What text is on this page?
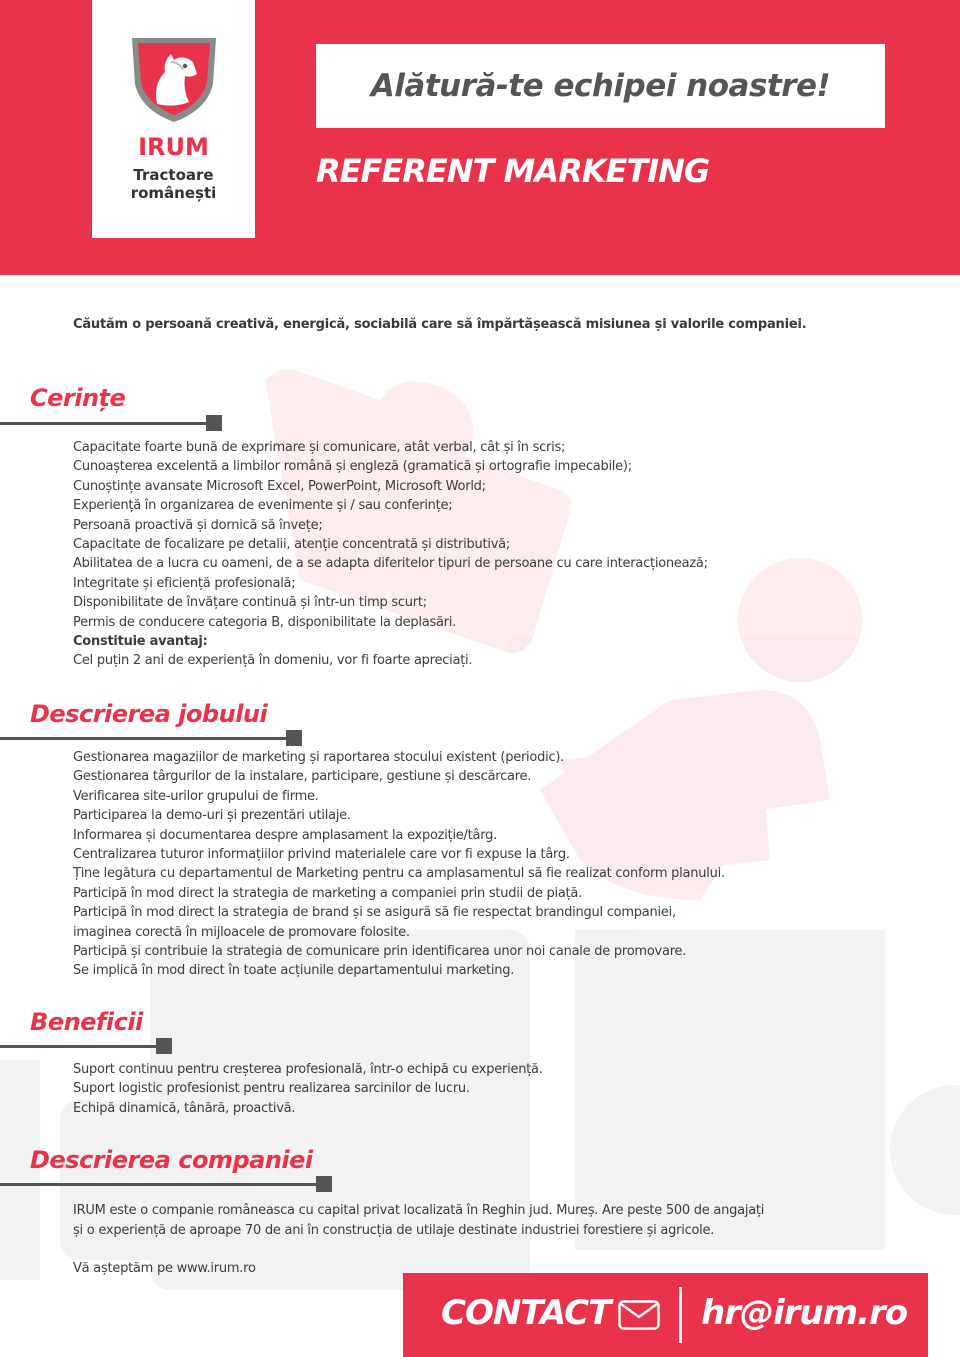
IRUM
Tractoare
românești
Alătură-te echipei noastre!
REFERENT MARKETING
Căutăm o persoană creativă, energică, sociabilă care să împărtășească misiunea și valorile companiei.
Cerințe
Capacitate foarte bună de exprimare și comunicare, atât verbal, cât și în scris;
Cunoașterea excelentă a limbilor română și engleză (gramatică și ortografie impecabile);
Cunoștințe avansate Microsoft Excel, PowerPoint, Microsoft World;
Experiență în organizarea de evenimente și / sau conferințe;
Persoană proactivă și dornică să învețe;
Capacitate de focalizare pe detalii, atenție concentrată și distributivă;
Abilitatea de a lucra cu oameni, de a se adapta diferitelor tipuri de persoane cu care interacționează;
Integritate și eficiență profesională;
Disponibilitate de învățare continuă și într-un timp scurt;
Permis de conducere categoria B, disponibilitate la deplasări.
Constituie avantaj:
Cel puțin 2 ani de experiență în domeniu, vor fi foarte apreciați.
Descrierea jobului
Gestionarea magaziilor de marketing și raportarea stocului existent (periodic).
Gestionarea târgurilor de la instalare, participare, gestiune și descărcare.
Verificarea site-urilor grupului de firme.
Participarea la demo-uri și prezentări utilaje.
Informarea și documentarea despre amplasament la expoziție/târg.
Centralizarea tuturor informațiilor privind materialele care vor fi expuse la târg.
Ține legătura cu departamentul de Marketing pentru ca amplasamentul să fie realizat conform planului.
Participă în mod direct la strategia de marketing a companiei prin studii de piață.
Participă în mod direct la strategia de brand și se asigură să fie respectat brandingul companiei,
imaginea corectă în mijloacele de promovare folosite.
Participă și contribuie la strategia de comunicare prin identificarea unor noi canale de promovare.
Se implică în mod direct în toate acțiunile departamentului marketing.
Beneficii
Suport continuu pentru creșterea profesională, într-o echipă cu experiență.
Suport logistic profesionist pentru realizarea sarcinilor de lucru.
Echipă dinamică, tânără, proactivă.
Descrierea companiei

IRUM este o companie româneasca cu capital privat localizată în Reghin jud. Mureș. Are peste 500 de angajați
și o experiență de aproape 70 de ani în construcția de utilaje destinate industriei forestiere și agricole.

Vă așteptăm pe www.irum.ro

CONTACT	hr@irum.ro
